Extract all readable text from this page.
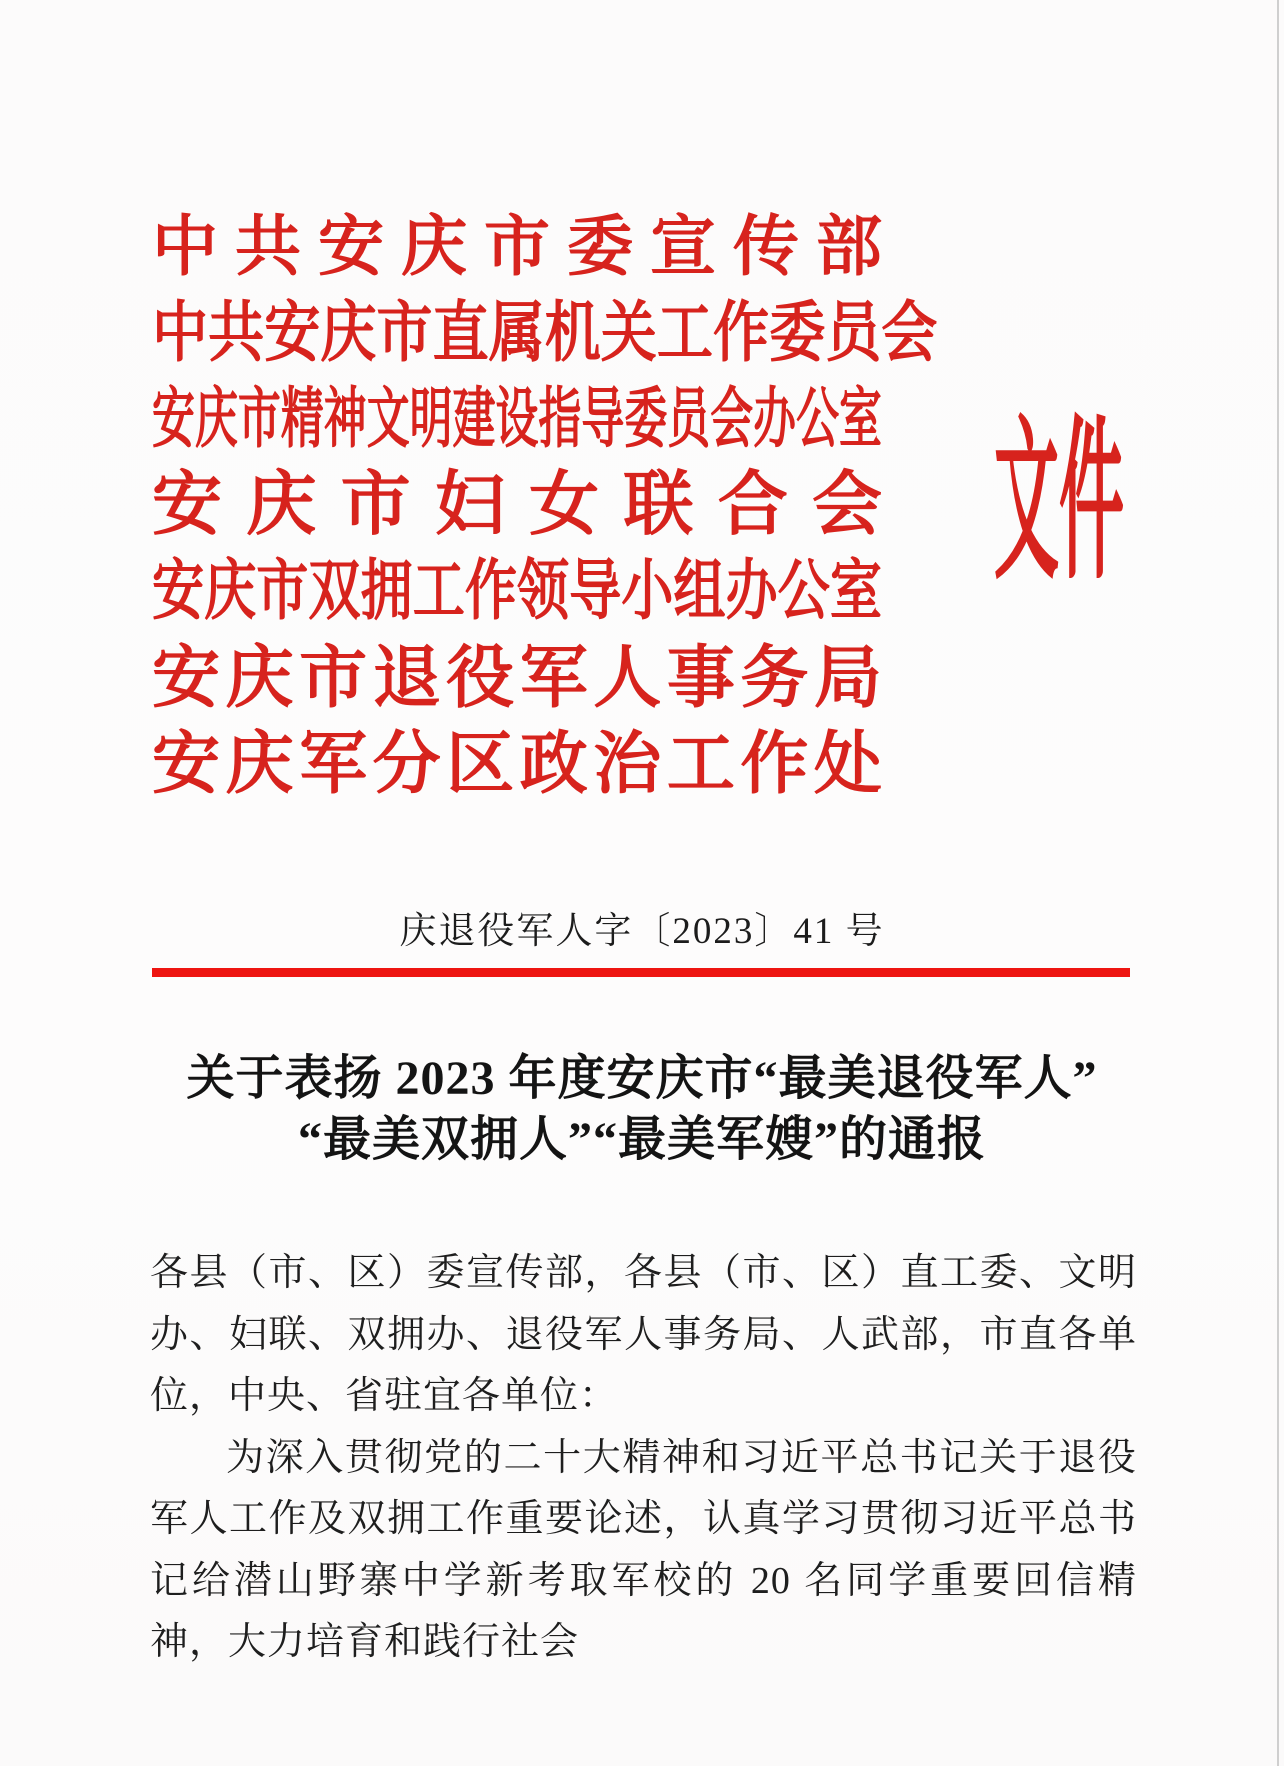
中 共 安 庆 市 委 宣 传 部
中 共 安 庆 市 直 属 机 关 工 作 委 员 会
安 庆 市 精 神 文 明 建 设 指 导 委 员 会 办 公 室
安 庆 市 妇 女 联 合 会
安 庆 市 双 拥 工 作 领 导 小 组 办 公 室
安 庆 市 退 役 军 人 事 务 局
安 庆 军 分 区 政 治 工 作 处
文件
庆退役军人字〔2023〕41 号
关于表扬 2023 年度安庆市“最美退役军人”
“最美双拥人”“最美军嫂”的通报

各县（市、区）委宣传部，各县（市、区）直工委、文明办、妇联、双拥办、退役军人事务局、人武部，市直各单位，中央、省驻宜各单位：

为深入贯彻党的二十大精神和习近平总书记关于退役军人工作及双拥工作重要论述，认真学习贯彻习近平总书记给潜山野寨中学新考取军校的 20 名同学重要回信精神，大力培育和践行社会
